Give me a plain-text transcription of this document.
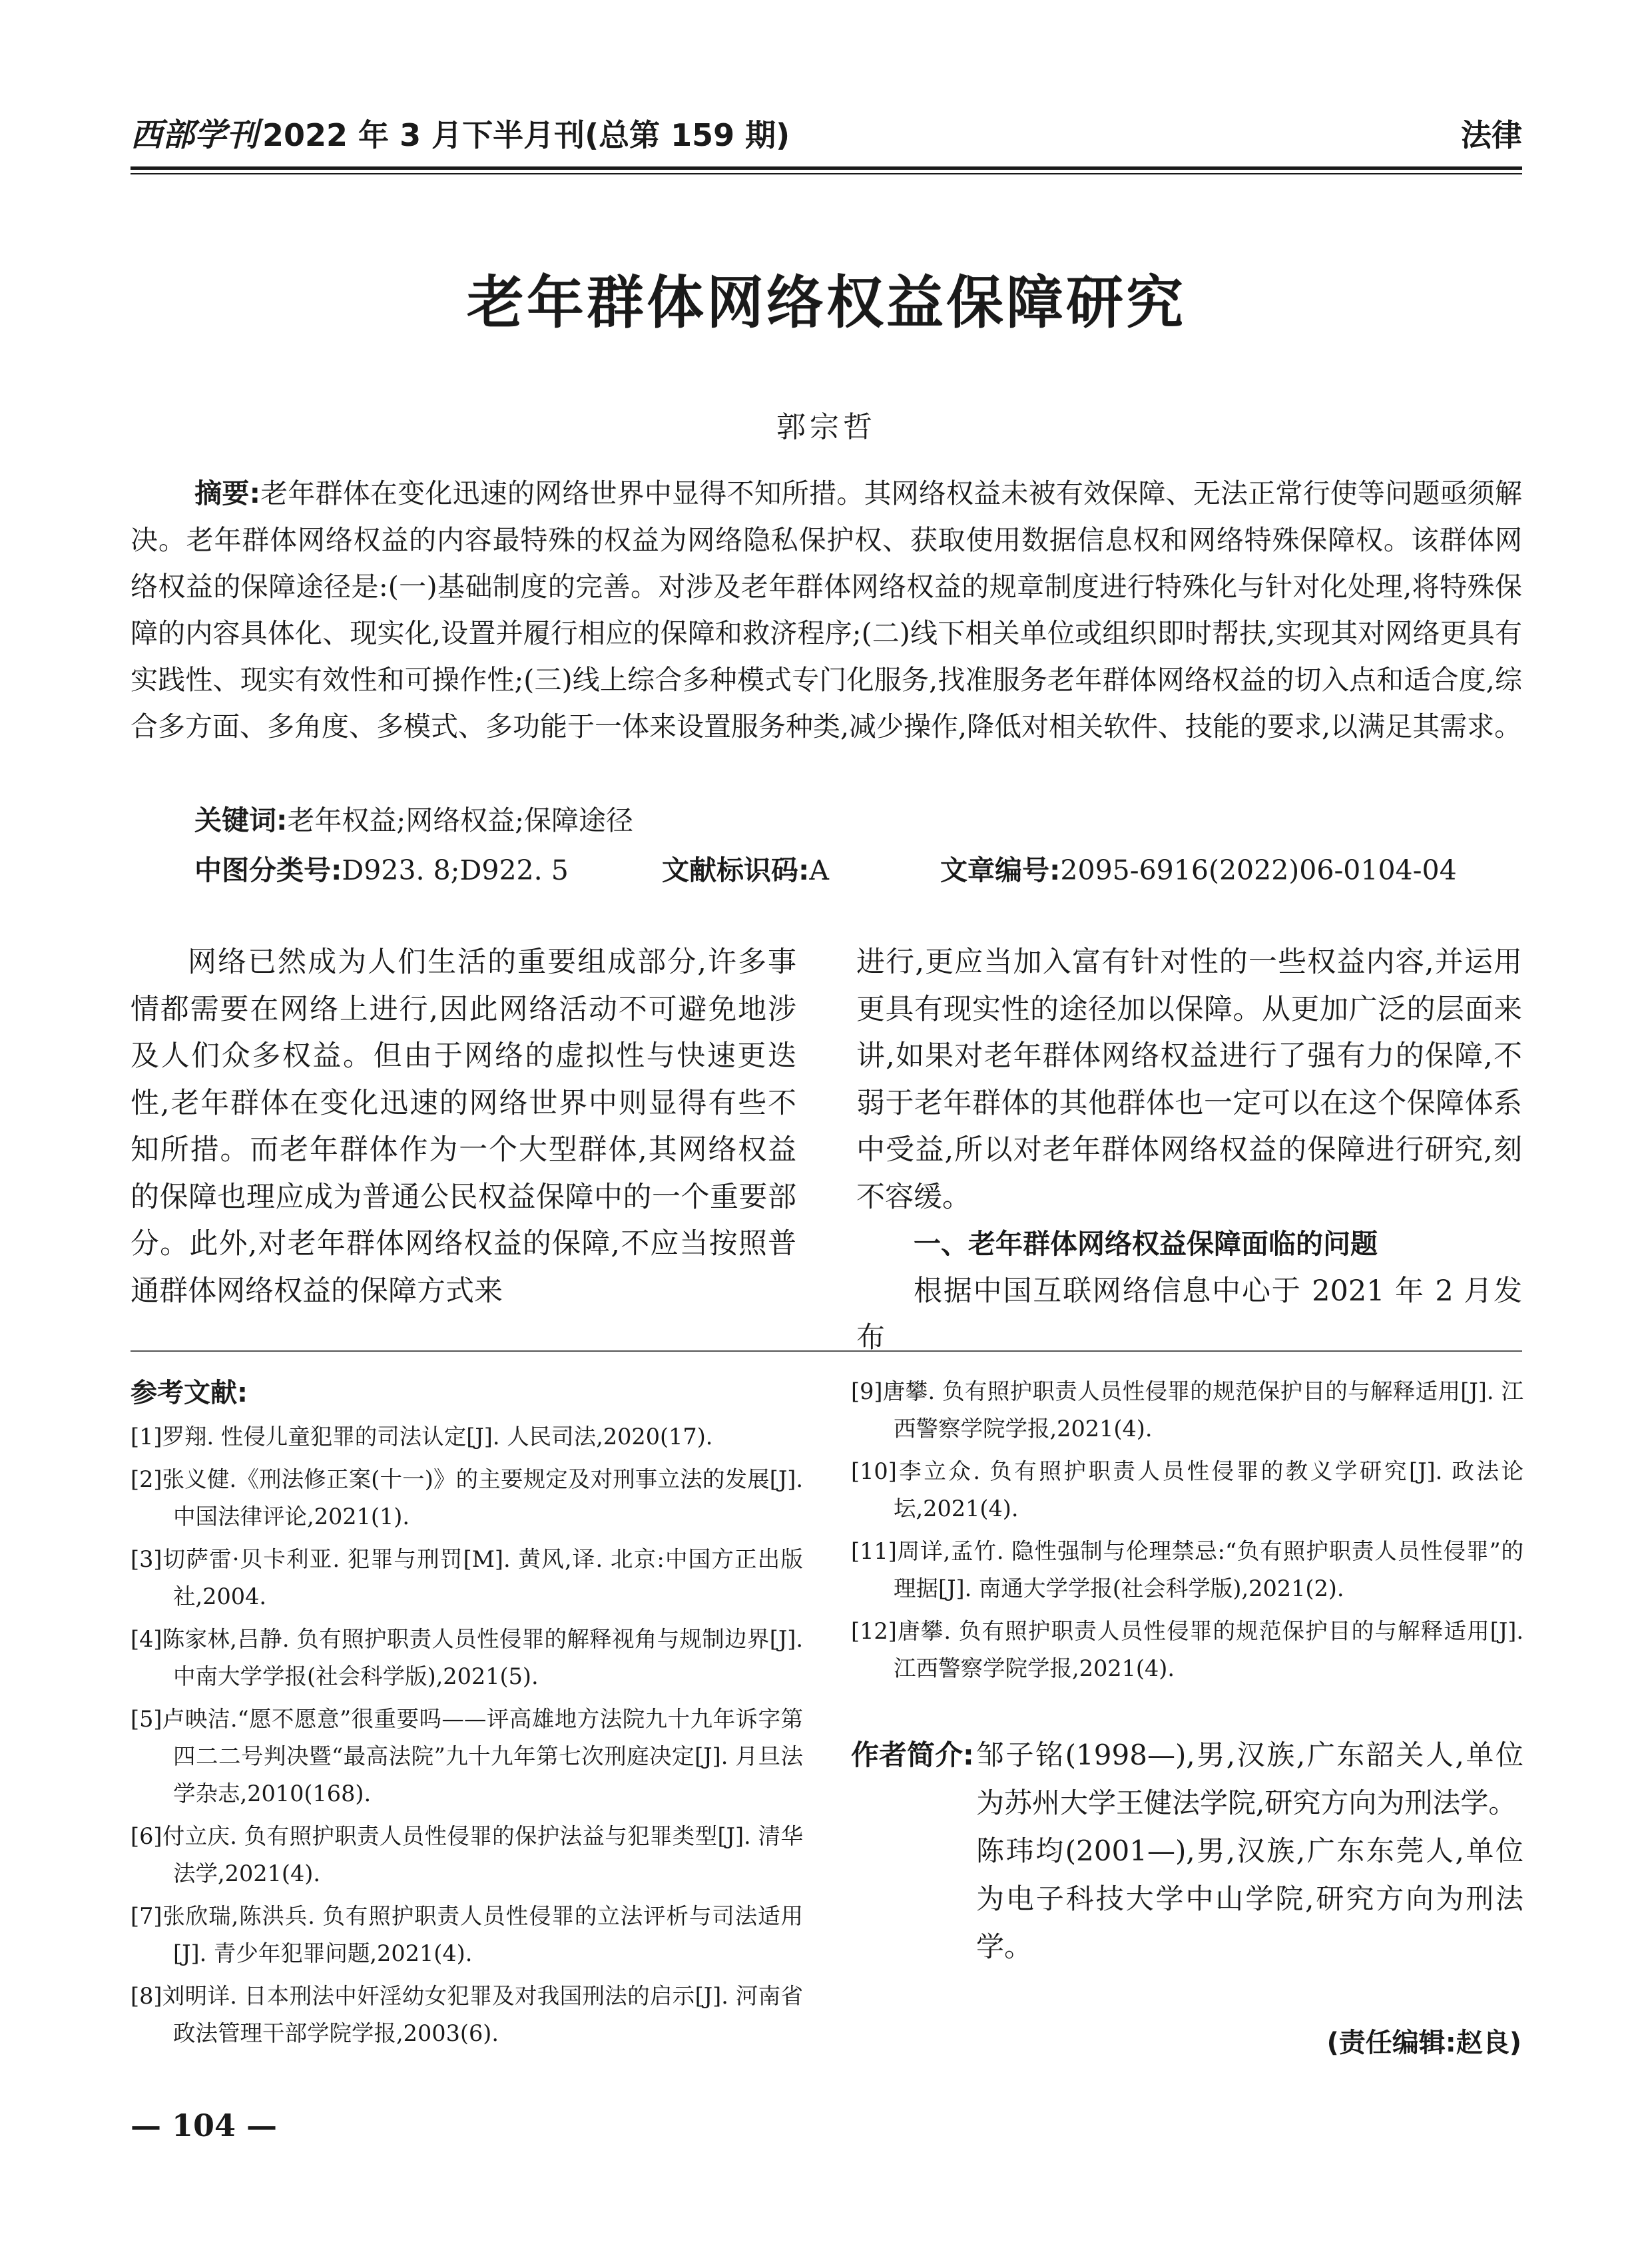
西部学刊 2022 年 3 月下半月刊(总第 159 期)	法律
老年群体网络权益保障研究
郭宗哲
摘要:老年群体在变化迅速的网络世界中显得不知所措。其网络权益未被有效保障、无法正常行使等问题亟须解决。老年群体网络权益的内容最特殊的权益为网络隐私保护权、获取使用数据信息权和网络特殊保障权。该群体网络权益的保障途径是:(一)基础制度的完善。对涉及老年群体网络权益的规章制度进行特殊化与针对化处理,将特殊保障的内容具体化、现实化,设置并履行相应的保障和救济程序;(二)线下相关单位或组织即时帮扶,实现其对网络更具有实践性、现实有效性和可操作性;(三)线上综合多种模式专门化服务,找准服务老年群体网络权益的切入点和适合度,综合多方面、多角度、多模式、多功能于一体来设置服务种类,减少操作,降低对相关软件、技能的要求,以满足其需求。
关键词:老年权益;网络权益;保障途径
中图分类号:D923. 8;D922. 5	文献标识码:A	文章编号:2095-6916(2022)06-0104-04

网络已然成为人们生活的重要组成部分,许多事情都需要在网络上进行,因此网络活动不可避免地涉及人们众多权益。但由于网络的虚拟性与快速更迭性,老年群体在变化迅速的网络世界中则显得有些不知所措。而老年群体作为一个大型群体,其网络权益的保障也理应成为普通公民权益保障中的一个重要部分。此外,对老年群体网络权益的保障,不应当按照普通群体网络权益的保障方式来

进行,更应当加入富有针对性的一些权益内容,并运用更具有现实性的途径加以保障。从更加广泛的层面来讲,如果对老年群体网络权益进行了强有力的保障,不弱于老年群体的其他群体也一定可以在这个保障体系中受益,所以对老年群体网络权益的保障进行研究,刻不容缓。

一、老年群体网络权益保障面临的问题

根据中国互联网络信息中心于 2021 年 2 月发布

参考文献:
[1]罗翔. 性侵儿童犯罪的司法认定[J]. 人民司法,2020(17).
[2]张义健.《刑法修正案(十一)》的主要规定及对刑事立法的发展[J]. 中国法律评论,2021(1).
[3]切萨雷·贝卡利亚. 犯罪与刑罚[M]. 黄风,译. 北京:中国方正出版社,2004.
[4]陈家林,吕静. 负有照护职责人员性侵罪的解释视角与规制边界[J]. 中南大学学报(社会科学版),2021(5).
[5]卢映洁.“愿不愿意”很重要吗——评高雄地方法院九十九年诉字第四二二号判决暨“最高法院”九十九年第七次刑庭决定[J]. 月旦法学杂志,2010(168).
[6]付立庆. 负有照护职责人员性侵罪的保护法益与犯罪类型[J]. 清华法学,2021(4).
[7]张欣瑞,陈洪兵. 负有照护职责人员性侵罪的立法评析与司法适用[J]. 青少年犯罪问题,2021(4).
[8]刘明详. 日本刑法中奸淫幼女犯罪及对我国刑法的启示[J]. 河南省政法管理干部学院学报,2003(6).
[9]唐攀. 负有照护职责人员性侵罪的规范保护目的与解释适用[J]. 江西警察学院学报,2021(4).
[10]李立众. 负有照护职责人员性侵罪的教义学研究[J]. 政法论坛,2021(4).
[11]周详,孟竹. 隐性强制与伦理禁忌:“负有照护职责人员性侵罪”的理据[J]. 南通大学学报(社会科学版),2021(2).
[12]唐攀. 负有照护职责人员性侵罪的规范保护目的与解释适用[J]. 江西警察学院学报,2021(4).
作者简介: 邹子铭(1998—),男,汉族,广东韶关人,单位为苏州大学王健法学院,研究方向为刑法学。
陈玮均(2001—),男,汉族,广东东莞人,单位为电子科技大学中山学院,研究方向为刑法学。
(责任编辑:赵良)
— 104 —
